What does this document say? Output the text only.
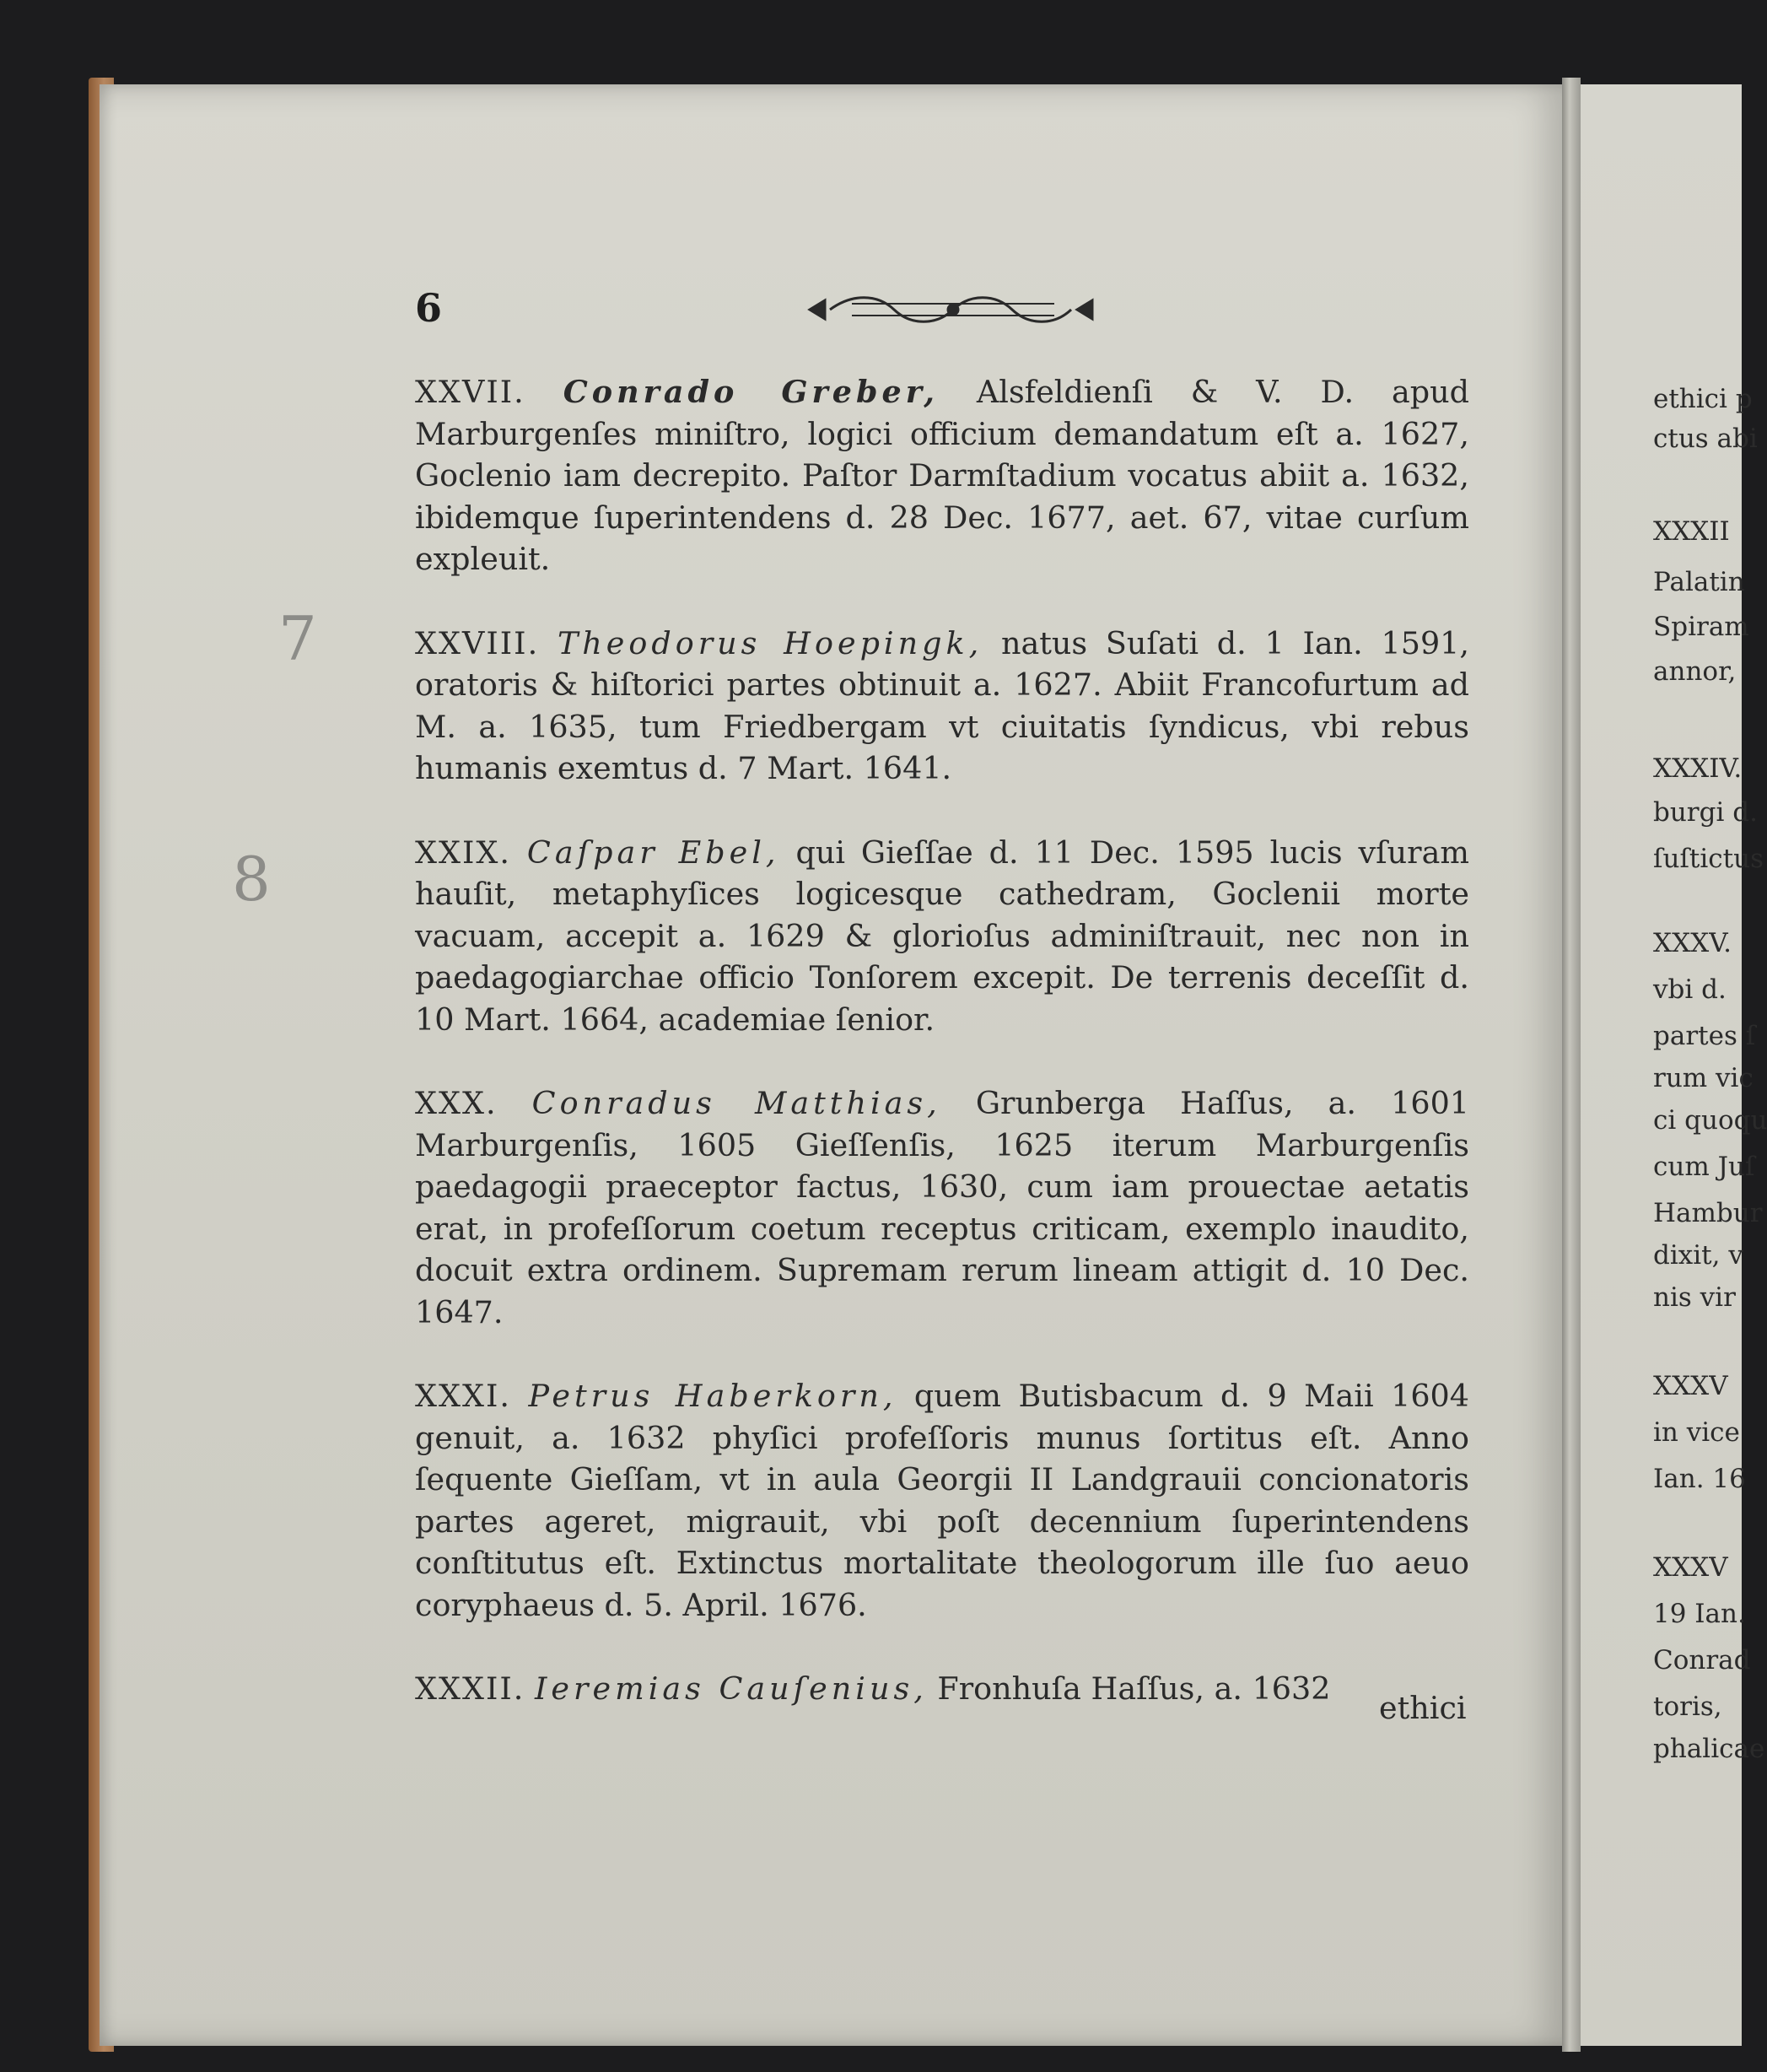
6

XXVII. Conrado Greber, Alsfeldienſi & V. D. apud Marburgenſes miniſtro, logici officium demandatum eſt a. 1627, Goclenio iam decrepito. Paſtor Darmſtadium vocatus abiit a. 1632, ibidemque ſuperintendens d. 28 Dec. 1677, aet. 67, vitae curſum expleuit.

XXVIII. Theodorus Hoepingk, natus Suſati d. 1 Ian. 1591, oratoris & hiſtorici partes obtinuit a. 1627. Abiit Francofurtum ad M. a. 1635, tum Friedbergam vt ciuitatis ſyndicus, vbi rebus humanis exemtus d. 7 Mart. 1641.

XXIX. Caſpar Ebel, qui Gieſſae d. 11 Dec. 1595 lucis vſuram hauſit, metaphyſices logicesque cathedram, Goclenii morte vacuam, accepit a. 1629 & glorioſus adminiſtrauit, nec non in paedagogiarchae officio Tonſorem excepit. De terrenis deceſſit d. 10 Mart. 1664, academiae ſenior.

XXX. Conradus Matthias, Grunberga Haſſus, a. 1601 Marburgenſis, 1605 Gieſſenſis, 1625 iterum Marburgenſis paedagogii praeceptor factus, 1630, cum iam prouectae aetatis erat, in profeſſorum coetum receptus criticam, exemplo inaudito, docuit extra ordinem. Supremam rerum lineam attigit d. 10 Dec. 1647.

XXXI. Petrus Haberkorn, quem Butisbacum d. 9 Maii 1604 genuit, a. 1632 phyſici profeſſoris munus ſortitus eſt. Anno ſequente Gieſſam, vt in aula Georgii II Landgrauii concionatoris partes ageret, migrauit, vbi poſt decennium ſuperintendens conſtitutus eſt. Extinctus mortalitate theologorum ille ſuo aeuo coryphaeus d. 5. April. 1676.

XXXII. Ieremias Cauſenius, Fronhuſa Haſſus, a. 1632

ethici
7
8
ethici p
ctus abi
XXXII
Palatin
Spiram
annor,
XXXIV.
burgi d.
ſuſtictus
XXXV.
vbi d.
partes ſ
rum vic
ci quoqu
cum Juſ
Hambur
dixit, v
nis vir
XXXV
in vice
Ian. 16
XXXV
19 Ian.
Conrad
toris,
phalicae
